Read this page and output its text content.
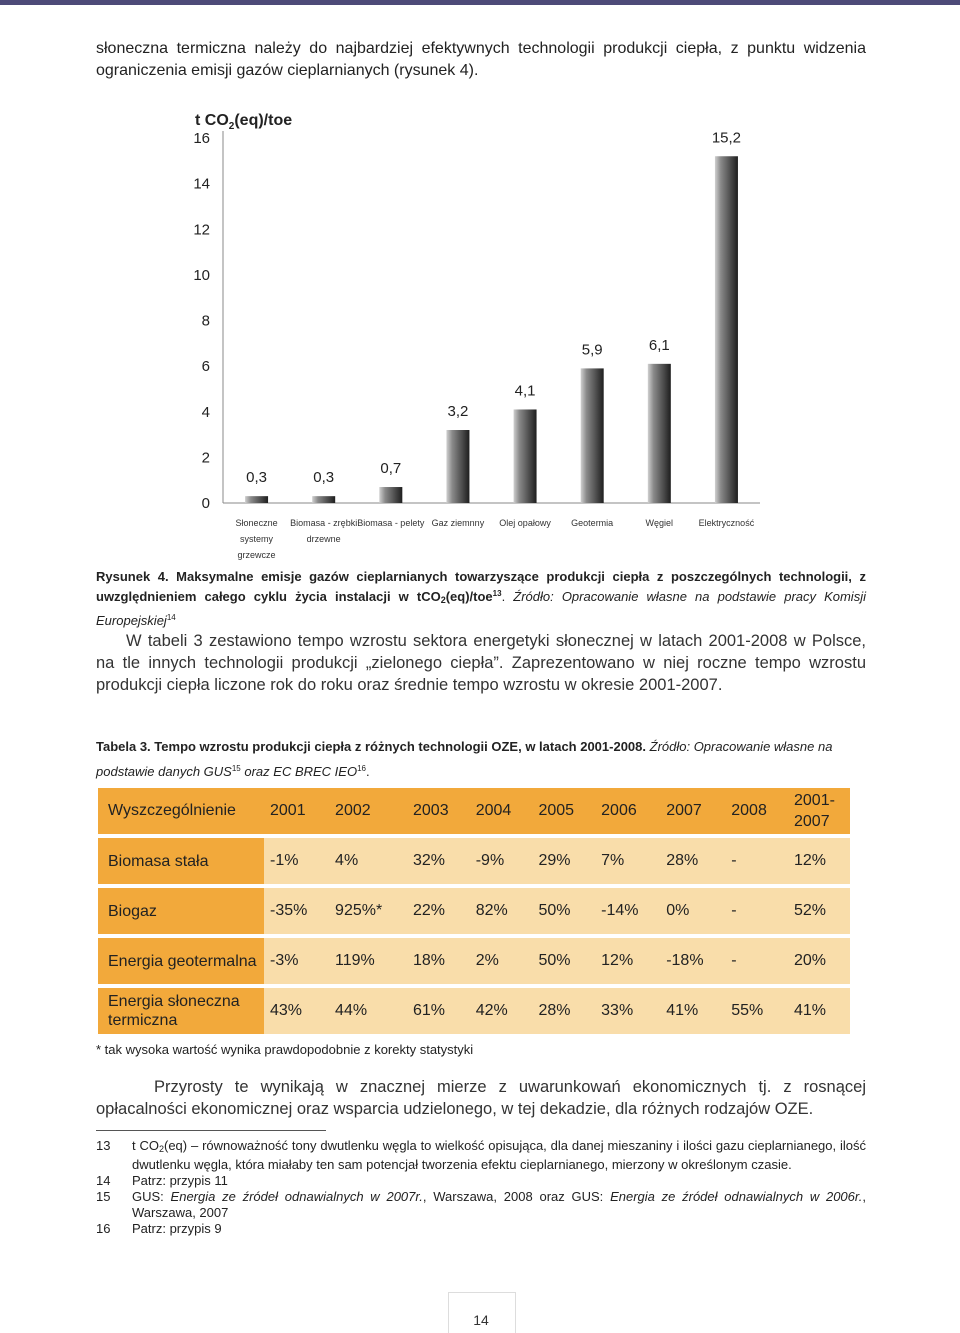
słoneczna termiczna należy do najbardziej efektywnych technologii produkcji ciepła, z punktu widzenia ograniczenia emisji gazów cieplarnianych (rysunek 4).

t $CO_2(eq)$/toe
0
2
4
6
8
10
12
14
16
0,3	0,3
0,7
3,2
4,1
5,9	6,1
15,2
Słoneczne
systemy
grzewcze
Biomasa - zrębki
drzewne
Biomasa - pelety Gaz ziemnny Olej opałowy Geotermia	Węgiel	Elektryczność
Rysunek 4. Maksymalne emisje gazów cieplarnianych towarzyszące produkcji ciepła z poszczególnych technologii, z uwzględnieniem całego cyklu życia instalacji w tCO$_2$(eq)/toe$^{13}$. Źródło: Opracowanie własne na podstawie pracy Komisji Europejskiej$^{14}$

W tabeli 3 zestawiono tempo wzrostu sektora energetyki słonecznej w latach 2001-2008 w Polsce, na tle innych technologii produkcji „zielonego ciepła”. Zaprezentowano w niej roczne tempo wzrostu produkcji ciepła liczone rok do roku oraz średnie tempo wzrostu w okresie 2001-2007.

Tabela 3. Tempo wzrostu produkcji ciepła z różnych technologii OZE, w latach 2001-2008. Źródło: Opracowanie własne na podstawie danych GUS$^{15}$ oraz EC BREC IEO$^{16}$.
Wyszczególnienie	2001	2002	2003	2004	2005	2006	2007	2008	2001-2007
Biomasa stała	-1%	4%	32%	-9%	29%	7%	28%	-	12%
Biogaz	-35%	925%*	22%	82%	50%	-14%	0%	-	52%
Energia geotermalna	-3%	119%	18%	2%	50%	12%	-18%	-	20%
Energia słoneczna termiczna	43%	44%	61%	42%	28%	33%	41%	55%	41%
* tak wysoka wartość wynika prawdopodobnie z korekty statystyki

Przyrosty te wynikają w znacznej mierze z uwarunkowań ekonomicznych tj. z rosnącej opłacalności ekonomicznej oraz wsparcia udzielonego, w tej dekadzie, dla różnych rodzajów OZE.

13	t $CO_2(eq)$ – równoważność tony dwutlenku węgla to wielkość opisująca, dla danej mieszaniny i ilości gazu cieplarnianego, ilość dwutlenku węgla, która miałaby ten sam potencjał tworzenia efektu cieplarnianego, mierzony w określonym czasie.
14	Patrz: przypis 11
15	GUS: Energia ze źródeł odnawialnych w 2007r., Warszawa, 2008 oraz GUS: Energia ze źródeł odnawialnych w 2006r., Warszawa, 2007
16	Patrz: przypis 9
14
